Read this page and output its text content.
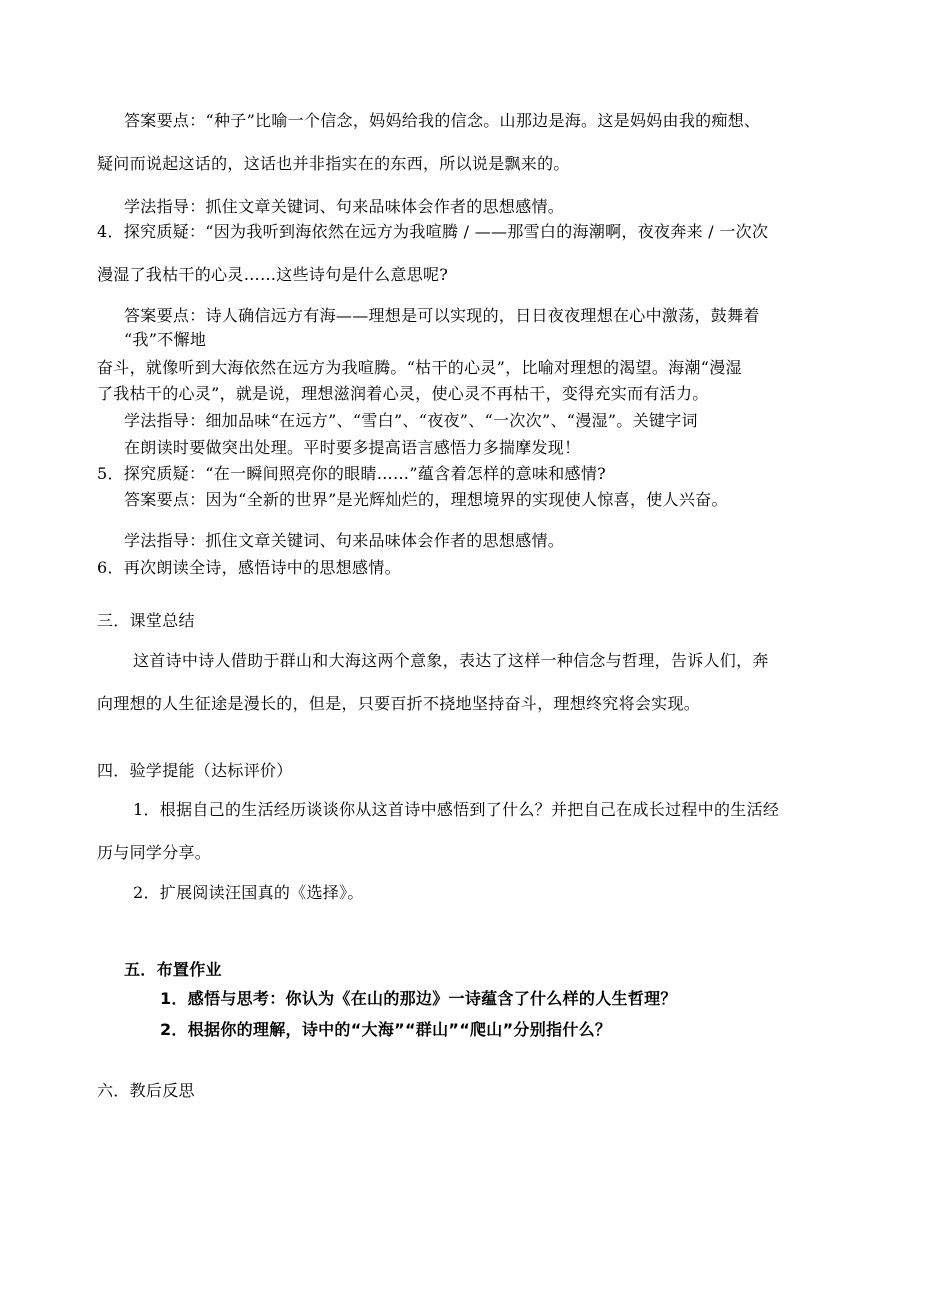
答案要点：“种子”比喻一个信念，妈妈给我的信念。山那边是海。这是妈妈由我的痴想、
疑问而说起这话的，这话也并非指实在的东西，所以说是飘来的。
学法指导：抓住文章关键词、句来品味体会作者的思想感情。
4．探究质疑：“因为我听到海依然在远方为我喧腾 / ——那雪白的海潮啊，夜夜奔来 / 一次次
漫湿了我枯干的心灵……这些诗句是什么意思呢?
答案要点：诗人确信远方有海——理想是可以实现的，日日夜夜理想在心中激荡，鼓舞着
“我”不懈地
奋斗，就像听到大海依然在远方为我喧腾。“枯干的心灵”，比喻对理想的渴望。海潮“漫湿
了我枯干的心灵”，就是说，理想滋润着心灵，使心灵不再枯干，变得充实而有活力。
学法指导：细加品味“在远方”、“雪白”、“夜夜”、“一次次”、“漫湿”。关键字词
在朗读时要做突出处理。平时要多提高语言感悟力多揣摩发现！
5．探究质疑：“在一瞬间照亮你的眼睛……”蕴含着怎样的意味和感情?
答案要点：因为“全新的世界”是光辉灿烂的，理想境界的实现使人惊喜，使人兴奋。
学法指导：抓住文章关键词、句来品味体会作者的思想感情。
6．再次朗读全诗，感悟诗中的思想感情。
三．课堂总结
这首诗中诗人借助于群山和大海这两个意象，表达了这样一种信念与哲理，告诉人们，奔
向理想的人生征途是漫长的，但是，只要百折不挠地坚持奋斗，理想终究将会实现。
四．验学提能（达标评价）
1．根据自己的生活经历谈谈你从这首诗中感悟到了什么？并把自己在成长过程中的生活经
历与同学分享。
2．扩展阅读汪国真的《选择》。
五．布置作业
1．感悟与思考：你认为《在山的那边》一诗蕴含了什么样的人生哲理？
2．根据你的理解，诗中的“大海”“群山”“爬山”分别指什么？
六．教后反思
